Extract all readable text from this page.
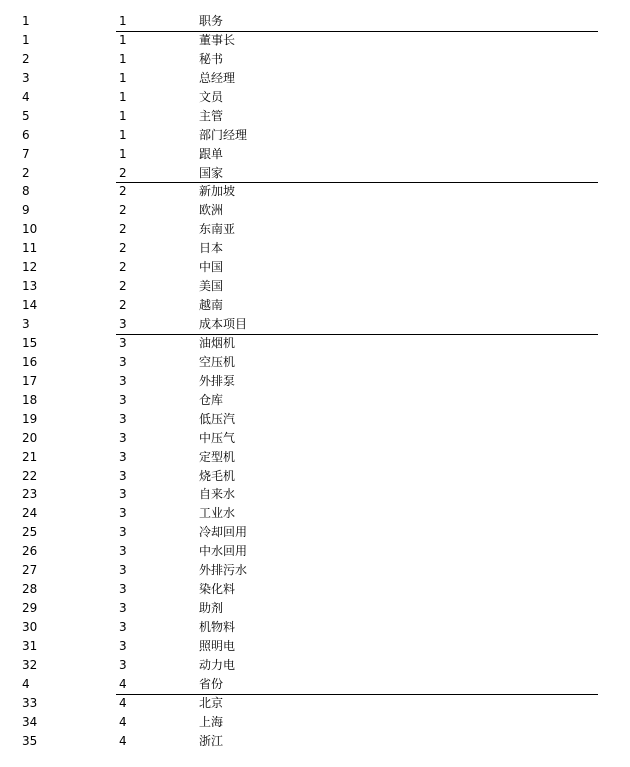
1	1	职务
1	1	董事长
2	1	秘书
3	1	总经理
4	1	文员
5	1	主管
6	1	部门经理
7	1	跟单
2	2	国家
8	2	新加坡
9	2	欧洲
10	2	东南亚
11	2	日本
12	2	中国
13	2	美国
14	2	越南
3	3	成本项目
15	3	油烟机
16	3	空压机
17	3	外排泵
18	3	仓库
19	3	低压汽
20	3	中压气
21	3	定型机
22	3	烧毛机
23	3	自来水
24	3	工业水
25	3	冷却回用
26	3	中水回用
27	3	外排污水
28	3	染化料
29	3	助剂
30	3	机物料
31	3	照明电
32	3	动力电
4	4	省份
33	4	北京
34	4	上海
35	4	浙江
